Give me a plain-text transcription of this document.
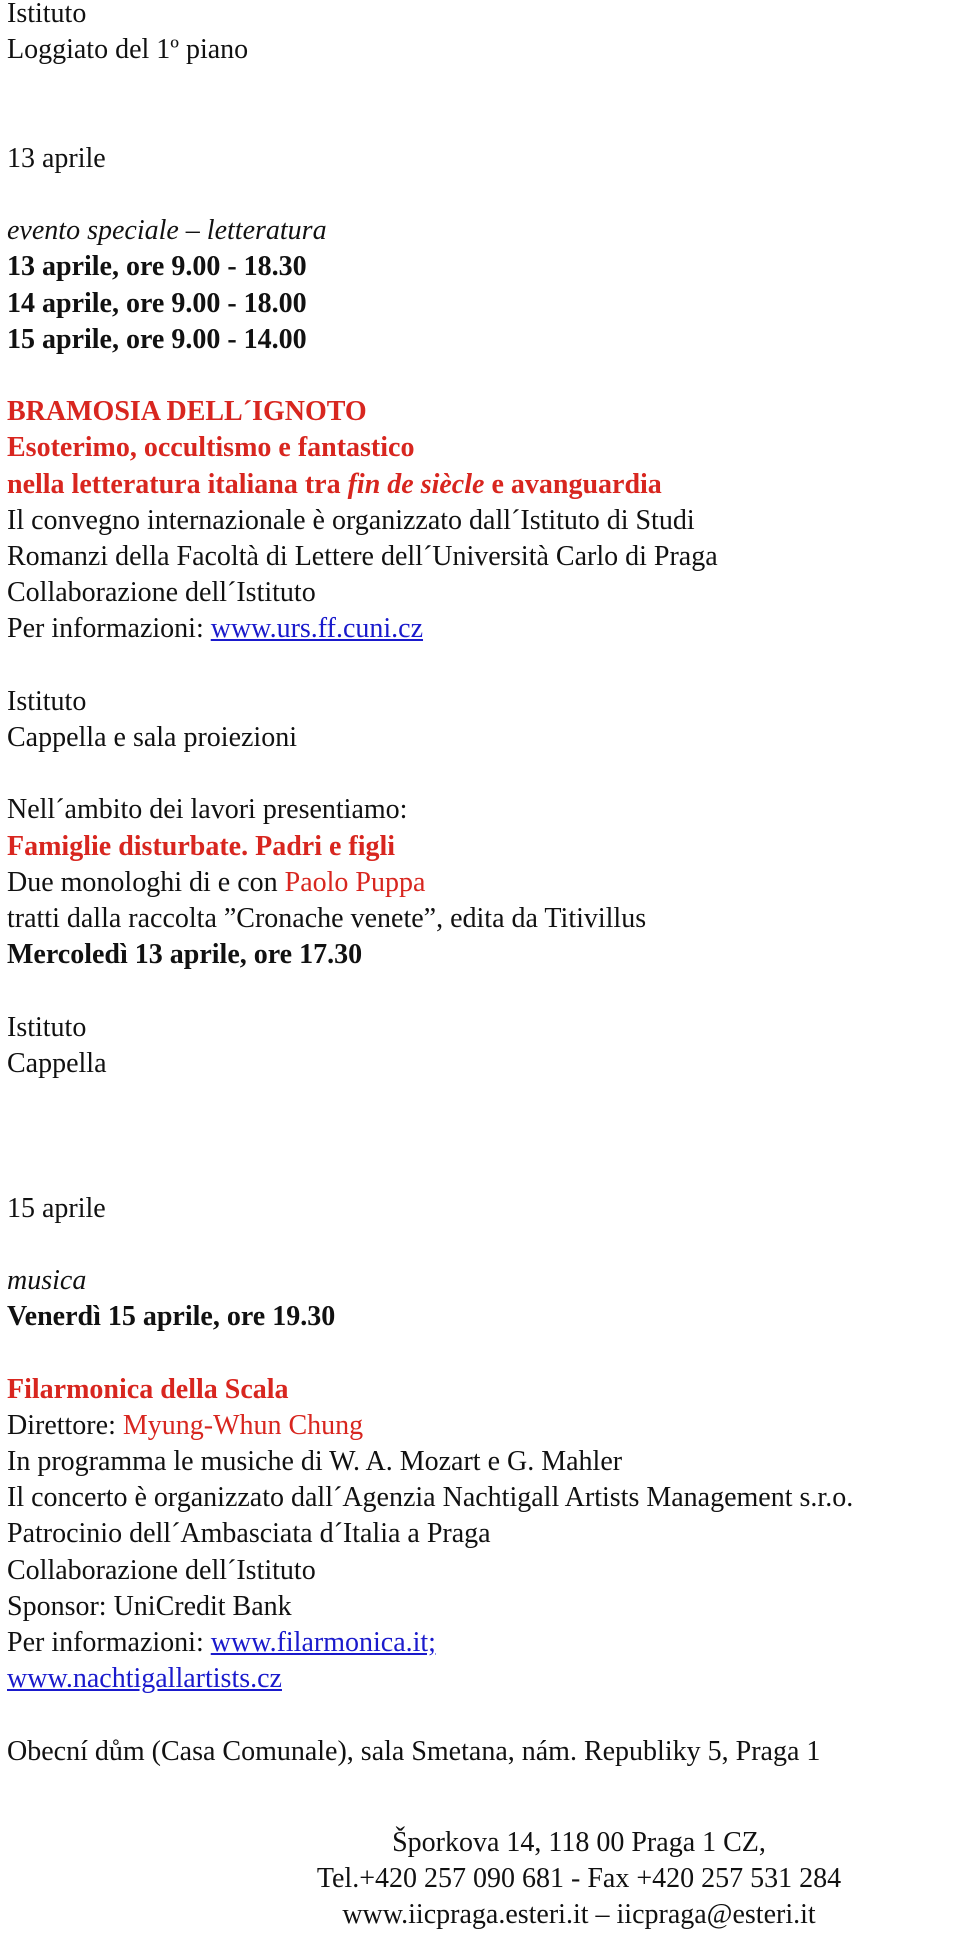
Istituto
Loggiato del 1º piano
13 aprile
evento speciale – letteratura
13 aprile, ore 9.00 - 18.30
14 aprile, ore 9.00 - 18.00
15 aprile, ore 9.00 - 14.00
BRAMOSIA DELL´IGNOTO
Esoterimo, occultismo e fantastico
nella letteratura italiana tra fin de siècle e avanguardia
Il convegno internazionale è organizzato dall´Istituto di Studi
Romanzi della Facoltà di Lettere dell´Università Carlo di Praga
Collaborazione dell´Istituto
Per informazioni: www.urs.ff.cuni.cz
Istituto
Cappella e sala proiezioni
Nell´ambito dei lavori presentiamo:
Famiglie disturbate. Padri e figli
Due monologhi di e con Paolo Puppa
tratti dalla raccolta ”Cronache venete”, edita da Titivillus
Mercoledì 13 aprile, ore 17.30
Istituto
Cappella
15 aprile
musica
Venerdì 15 aprile, ore 19.30
Filarmonica della Scala
Direttore: Myung-Whun Chung
In programma le musiche di W. A. Mozart e G. Mahler
Il concerto è organizzato dall´Agenzia Nachtigall Artists Management s.r.o.
Patrocinio dell´Ambasciata d´Italia a Praga
Collaborazione dell´Istituto
Sponsor: UniCredit Bank
Per informazioni: www.filarmonica.it;
www.nachtigallartists.cz
Obecní dům (Casa Comunale), sala Smetana, nám. Republiky 5, Praga 1
Šporkova 14, 118 00 Praga 1 CZ,
Tel.+420 257 090 681 - Fax +420 257 531 284
www.iicpraga.esteri.it – iicpraga@esteri.it
